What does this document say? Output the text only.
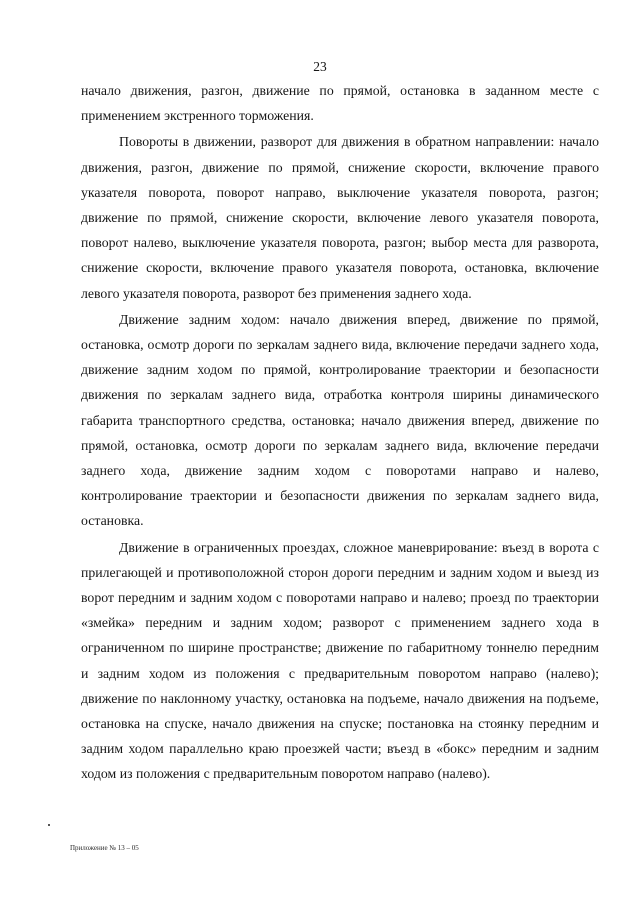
23

начало движения, разгон, движение по прямой, остановка в заданном месте с применением экстренного торможения.

Повороты в движении, разворот для движения в обратном направлении: начало движения, разгон, движение по прямой, снижение скорости, включение правого указателя поворота, поворот направо, выключение указателя поворота, разгон; движение по прямой, снижение скорости, включение левого указателя поворота, поворот налево, выключение указателя поворота, разгон; выбор места для разворота, снижение скорости, включение правого указателя поворота, остановка, включение левого указателя поворота, разворот без применения заднего хода.

Движение задним ходом: начало движения вперед, движение по прямой, остановка, осмотр дороги по зеркалам заднего вида, включение передачи заднего хода, движение задним ходом по прямой, контролирование траектории и безопасности движения по зеркалам заднего вида, отработка контроля ширины динамического габарита транспортного средства, остановка; начало движения вперед, движение по прямой, остановка, осмотр дороги по зеркалам заднего вида, включение передачи заднего хода, движение задним ходом с поворотами направо и налево, контролирование траектории и безопасности движения по зеркалам заднего вида, остановка.

Движение в ограниченных проездах, сложное маневрирование: въезд в ворота с прилегающей и противоположной сторон дороги передним и задним ходом и выезд из ворот передним и задним ходом с поворотами направо и налево; проезд по траектории «змейка» передним и задним ходом; разворот с применением заднего хода в ограниченном по ширине пространстве; движение по габаритному тоннелю передним и задним ходом из положения с предварительным поворотом направо (налево); движение по наклонному участку, остановка на подъеме, начало движения на подъеме, остановка на спуске, начало движения на спуске; постановка на стоянку передним и задним ходом параллельно краю проезжей части; въезд в «бокс» передним и задним ходом из положения с предварительным поворотом направо (налево).

Приложение № 13 – 05
